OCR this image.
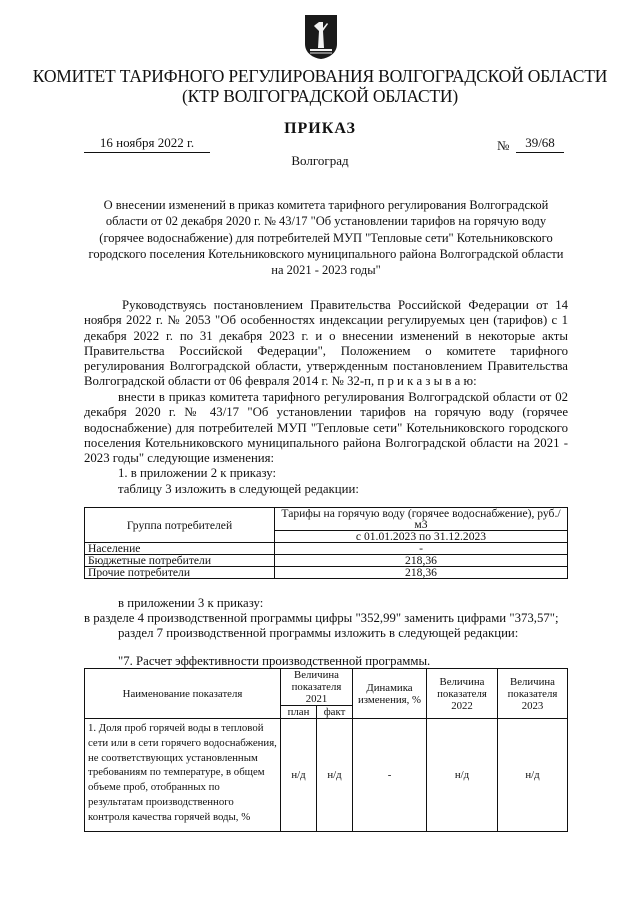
КОМИТЕТ ТАРИФНОГО РЕГУЛИРОВАНИЯ ВОЛГОГРАДСКОЙ ОБЛАСТИ
(КТР ВОЛГОГРАДСКОЙ ОБЛАСТИ)
ПРИКАЗ
16 ноября 2022 г.	№	39/68
Волгоград
О внесении изменений в приказ комитета тарифного регулирования Волгоградской области от 02 декабря 2020 г. № 43/17 "Об установлении тарифов на горячую воду (горячее водоснабжение) для потребителей МУП "Тепловые сети" Котельниковского городского поселения Котельниковского муниципального района Волгоградской области на 2021 - 2023 годы"
Руководствуясь постановлением Правительства Российской Федерации от 14 ноября 2022 г. № 2053 "Об особенностях индексации регулируемых цен (тарифов) с 1 декабря 2022 г. по 31 декабря 2023 г. и о внесении изменений в некоторые акты Правительства Российской Федерации", Положением о комитете тарифного регулирования Волгоградской области, утвержденным постановлением Правительства Волгоградской области от 06 февраля 2014 г. № 32-п, п р и к а з ы в а ю:
внести в приказ комитета тарифного регулирования Волгоградской области от 02 декабря 2020 г. № 43/17 "Об установлении тарифов на горячую воду (горячее водоснабжение) для потребителей МУП "Тепловые сети" Котельниковского городского поселения Котельниковского муниципального района Волгоградской области на 2021 - 2023 годы" следующие изменения:
1. в приложении 2 к приказу:
таблицу 3 изложить в следующей редакции:
Группа потребителей	Тарифы на горячую воду (горячее водоснабжение), руб./м3
	с 01.01.2023 по 31.12.2023
Население	-
Бюджетные потребители	218,36
Прочие потребители	218,36
в приложении 3 к приказу:
в разделе 4 производственной программы цифры "352,99" заменить цифрами "373,57";
раздел 7 производственной программы изложить в следующей редакции:
"7. Расчет эффективности производственной программы.
Наименование показателя	Величина показателя 2021		Динамика изменения, %	Величина показателя 2022	Величина показателя 2023
	план	факт			
1. Доля проб горячей воды в тепловой сети или в сети горячего водоснабжения, не соответствующих установленным требованиям по температуре, в общем объеме проб, отобранных по результатам производственного контроля качества горячей воды, %	н/д	н/д	-	н/д	н/д
